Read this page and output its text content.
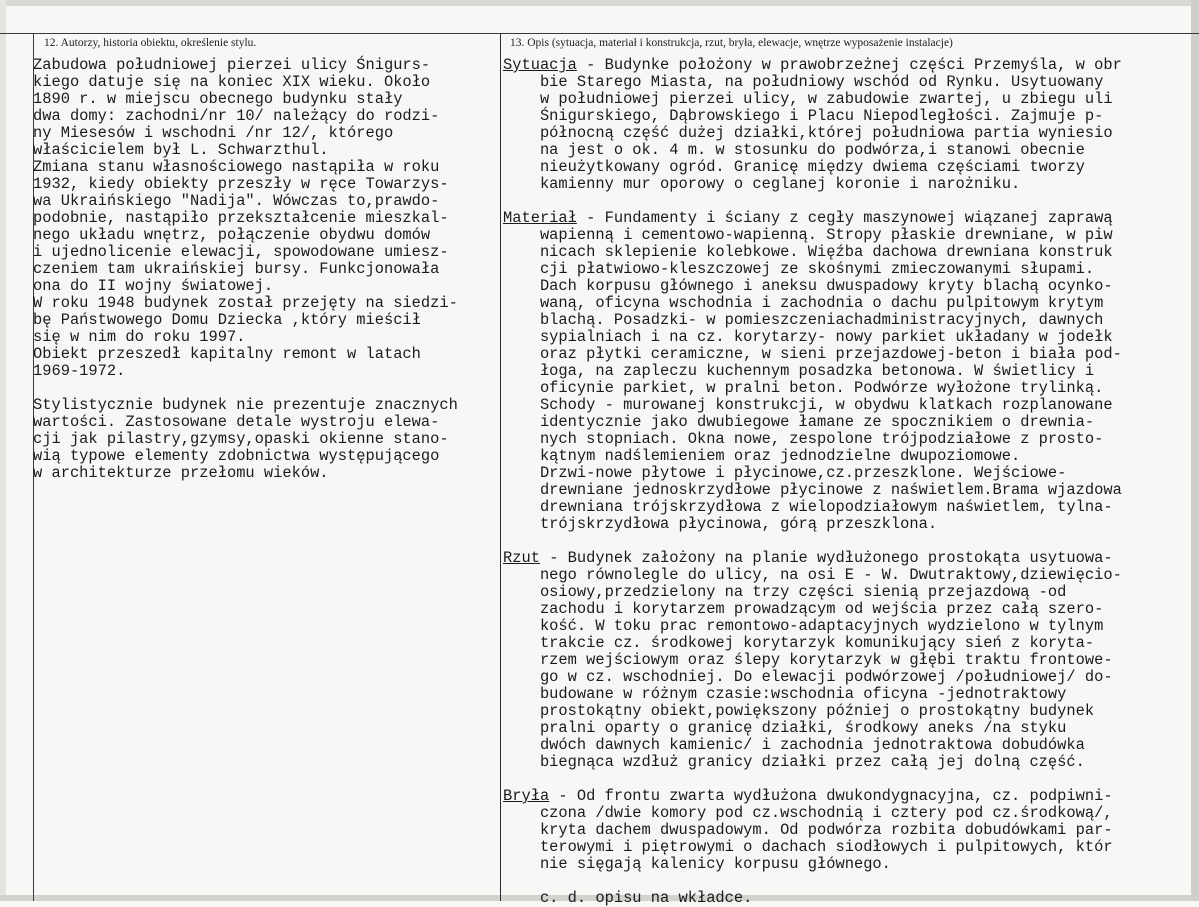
12. Autorzy, historia obiektu, określenie stylu.	13. Opis (sytuacja, materiał i konstrukcja, rzut, bryła, elewacje, wnętrze wyposażenie instalacje)
Zabudowa południowej pierzei ulicy Śnigurs-
kiego datuje się na koniec XIX wieku. Około
1890 r. w miejscu obecnego budynku stały
dwa domy: zachodni/nr 10/ należący do rodzi-
ny Miesesów i wschodni /nr 12/, którego
właścicielem był L. Schwarzthul.
Zmiana stanu własnościowego nastąpiła w roku
1932, kiedy obiekty przeszły w ręce Towarzys-
wa Ukraińskiego "Nadija". Wówczas to,prawdo-
podobnie, nastąpiło przekształcenie mieszkal-
nego układu wnętrz, połączenie obydwu domów
i ujednolicenie elewacji, spowodowane umiesz-
czeniem tam ukraińskiej bursy. Funkcjonowała
ona do II wojny światowej.
W roku 1948 budynek został przejęty na siedzi-
bę Państwowego Domu Dziecka ,który mieścił
się w nim do roku 1997.
Obiekt przeszedł kapitalny remont w latach
1969-1972.
Stylistycznie budynek nie prezentuje znacznych
wartości. Zastosowane detale wystroju elewa-
cji jak pilastry,gzymsy,opaski okienne stano-
wią typowe elementy zdobnictwa występującego
w architekturze przełomu wieków.
Sytuacja - Budynke położony w prawobrzeżnej części Przemyśla, w obr
bie Starego Miasta, na południowy wschód od Rynku. Usytuowany
w południowej pierzei ulicy, w zabudowie zwartej, u zbiegu uli
Śnigurskiego, Dąbrowskiego i Placu Niepodległości. Zajmuje p-
północną część dużej działki,której południowa partia wyniesio
na jest o ok. 4 m. w stosunku do podwórza,i stanowi obecnie
nieużytkowany ogród. Granicę między dwiema częściami tworzy
kamienny mur oporowy o ceglanej koronie i narożniku.
Materiał - Fundamenty i ściany z cegły maszynowej wiązanej zaprawą
wapienną i cementowo-wapienną. Stropy płaskie drewniane, w piw
nicach sklepienie kolebkowe. Więźba dachowa drewniana konstruk
cji płatwiowo-kleszczowej ze skośnymi zmieczowanymi słupami.
Dach korpusu głównego i aneksu dwuspadowy kryty blachą ocynko-
waną, oficyna wschodnia i zachodnia o dachu pulpitowym krytym
blachą. Posadzki- w pomieszczeniachadministracyjnych, dawnych
sypialniach i na cz. korytarzy- nowy parkiet układany w jodełk
oraz płytki ceramiczne, w sieni przejazdowej-beton i biała pod-
łoga, na zapleczu kuchennym posadzka betonowa. W świetlicy i
oficynie parkiet, w pralni beton. Podwórze wyłożone trylinką.
Schody - murowanej konstrukcji, w obydwu klatkach rozplanowane
identycznie jako dwubiegowe łamane ze spocznikiem o drewnia-
nych stopniach. Okna nowe, zespolone trójpodziałowe z prosto-
kątnym nadślemieniem oraz jednodzielne dwupoziomowe.
Drzwi-nowe płytowe i płycinowe,cz.przeszklone. Wejściowe-
drewniane jednoskrzydłowe płycinowe z naświetlem.Brama wjazdowa
drewniana trójskrzydłowa z wielopodziałowym naświetlem, tylna-
trójskrzydłowa płycinowa, górą przeszklona.
Rzut - Budynek założony na planie wydłużonego prostokąta usytuowa-
nego równolegle do ulicy, na osi E - W. Dwutraktowy,dziewięcio-
osiowy,przedzielony na trzy części sienią przejazdową -od
zachodu i korytarzem prowadzącym od wejścia przez całą szero-
kość. W toku prac remontowo-adaptacyjnych wydzielono w tylnym
trakcie cz. środkowej korytarzyk komunikujący sień z koryta-
rzem wejściowym oraz ślepy korytarzyk w głębi traktu frontowe-
go w cz. wschodniej. Do elewacji podwórzowej /południowej/ do-
budowane w różnym czasie:wschodnia oficyna -jednotraktowy
prostokątny obiekt,powiększony później o prostokątny budynek
pralni oparty o granicę działki, środkowy aneks /na styku
dwóch dawnych kamienic/ i zachodnia jednotraktowa dobudówka
biegnąca wzdłuż granicy działki przez całą jej dolną część.
Bryła - Od frontu zwarta wydłużona dwukondygnacyjna, cz. podpiwni-
czona /dwie komory pod cz.wschodnią i cztery pod cz.środkową/,
kryta dachem dwuspadowym. Od podwórza rozbita dobudówkami par-
terowymi i piętrowymi o dachach siodłowych i pulpitowych, któr
nie sięgają kalenicy korpusu głównego.
c. d. opisu na wkładce.
